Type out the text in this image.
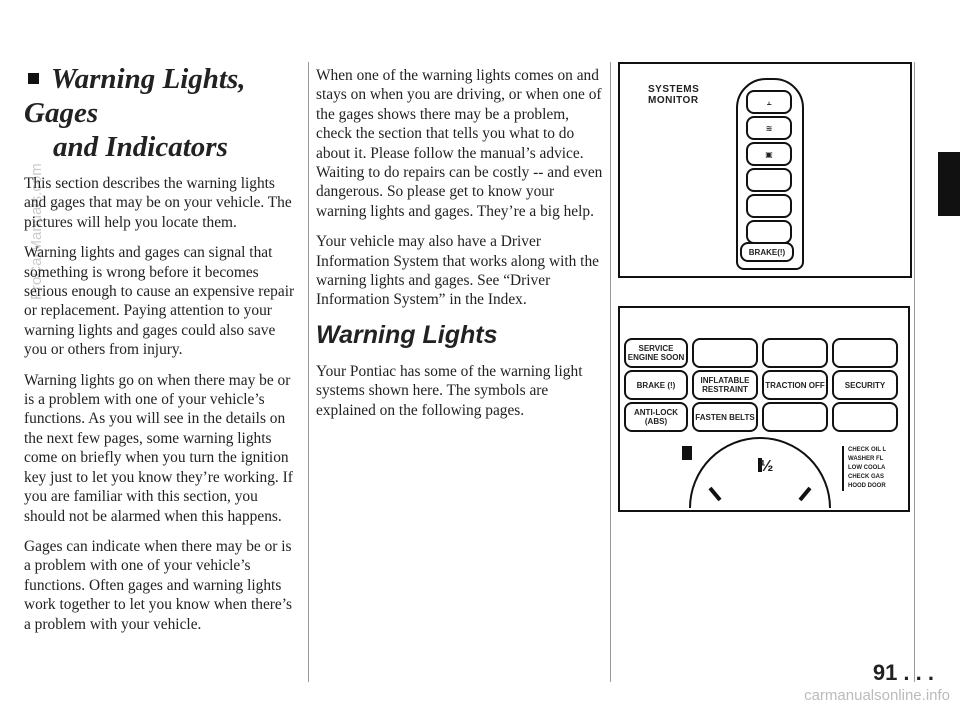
ProCarManuals.com
Warning Lights, Gages
and Indicators

This section describes the warning lights and gages that may be on your vehicle. The pictures will help you locate them.

Warning lights and gages can signal that something is wrong before it becomes serious enough to cause an expensive repair or replacement. Paying attention to your warning lights and gages could also save you or others from injury.

Warning lights go on when there may be or is a problem with one of your vehicle’s functions. As you will see in the details on the next few pages, some warning lights come on briefly when you turn the ignition key just to let you know they’re working. If you are familiar with this section, you should not be alarmed when this happens.

Gages can indicate when there may be or is a problem with one of your vehicle’s functions. Often gages and warning lights work together to let you know when there’s a problem with your vehicle.

When one of the warning lights comes on and stays on when you are driving, or when one of the gages shows there may be a problem, check the section that tells you what to do about it. Please follow the manual’s advice. Waiting to do repairs can be costly -- and even dangerous. So please get to know your warning lights and gages. They’re a big help.

Your vehicle may also have a Driver Information System that works along with the warning lights and gages. See “Driver Information System” in the Index.

Warning Lights

Your Pontiac has some of the warning light systems shown here. The symbols are explained on the following pages.

SYSTEMS
MONITOR	⫠
≋
▣
BRAKE(!)
SERVICE ENGINE SOON
BRAKE (!)	INFLATABLE RESTRAINT	TRACTION OFF	SECURITY
ANTI-LOCK (ABS)	FASTEN BELTS
½
CHECK OIL L
WASHER FL
LOW COOLA
CHECK GAS
HOOD DOOR
91 . . .
carmanualsonline.info
